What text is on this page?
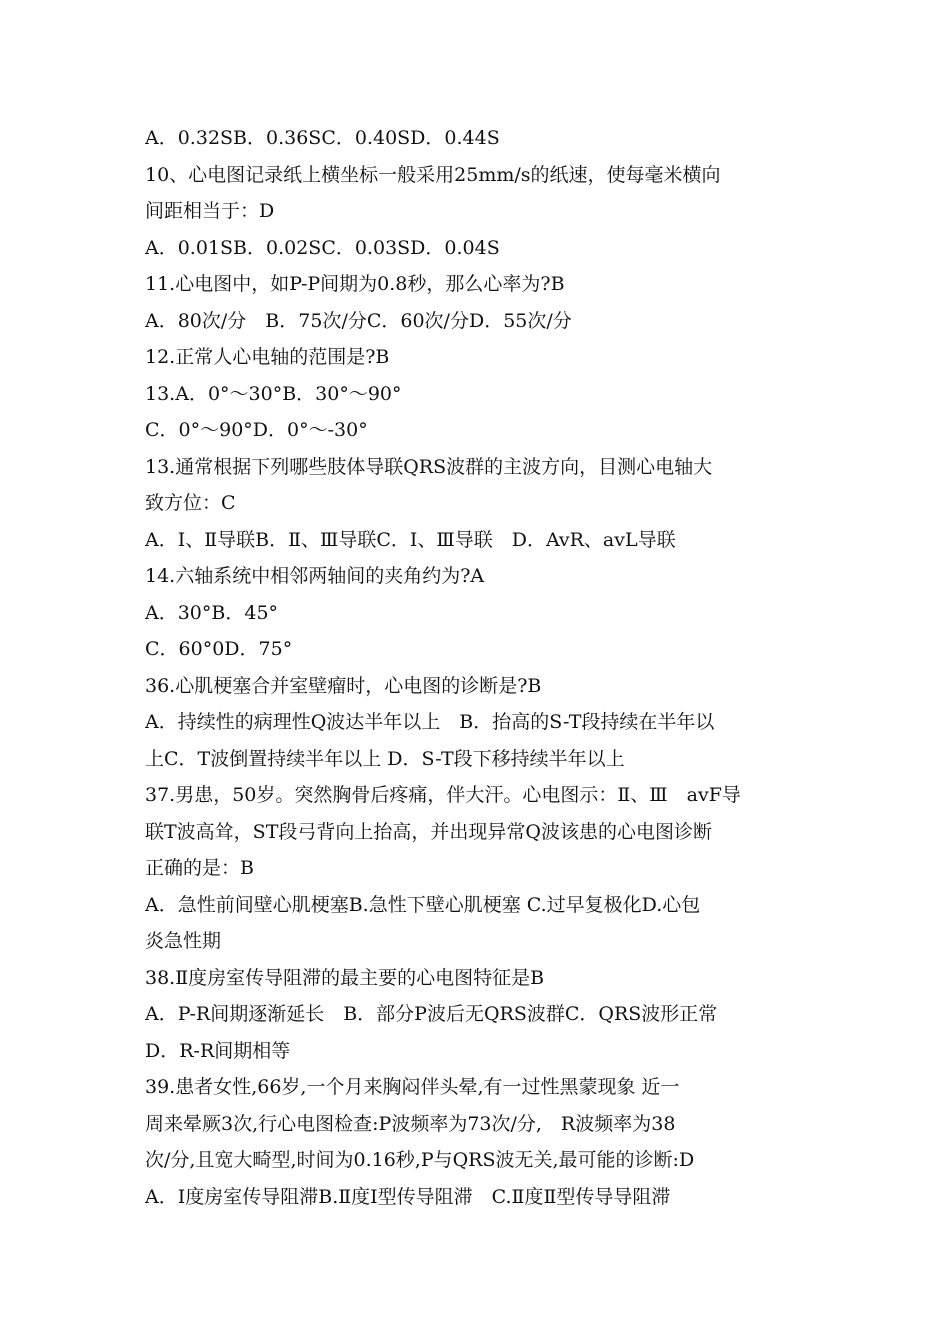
A．0.32SB．0.36SC．0.40SD．0.44S
10、心电图记录纸上横坐标一般采用25mm/s的纸速，使每毫米横向
间距相当于：D
A．0.01SB．0.02SC．0.03SD．0.04S
11.心电图中，如P-P间期为0.8秒，那么心率为?B
A．80次/分　B．75次/分C．60次/分D．55次/分
12.正常人心电轴的范围是?B
13.A．0°～30°B．30°～90°
C．0°～90°D．0°～-30°
13.通常根据下列哪些肢体导联QRS波群的主波方向，目测心电轴大
致方位：C
A．Ⅰ、Ⅱ导联B．Ⅱ、Ⅲ导联C．Ⅰ、Ⅲ导联　D．AvR、avL导联
14.六轴系统中相邻两轴间的夹角约为?A
A．30°B．45°
C．60°0D．75°
36.心肌梗塞合并室壁瘤时，心电图的诊断是?B
A．持续性的病理性Q波达半年以上　B．抬高的S-T段持续在半年以
上C．T波倒置持续半年以上 D．S-T段下移持续半年以上
37.男患，50岁。突然胸骨后疼痛，伴大汗。心电图示：Ⅱ、Ⅲ　avF导
联T波高耸，ST段弓背向上抬高，并出现异常Q波该患的心电图诊断
正确的是：B
A．急性前间壁心肌梗塞B.急性下壁心肌梗塞 C.过早复极化D.心包
炎急性期
38.Ⅱ度房室传导阻滞的最主要的心电图特征是B
A．P-R间期逐渐延长　B．部分P波后无QRS波群C．QRS波形正常
D．R-R间期相等
39.患者女性,66岁,一个月来胸闷伴头晕,有一过性黑蒙现象 近一
周来晕厥3次,行心电图检查:P波频率为73次/分,　R波频率为38
次/分,且宽大畸型,时间为0.16秒,P与QRS波无关,最可能的诊断:D
A．Ⅰ度房室传导阻滞B.Ⅱ度Ⅰ型传导阻滞　C.Ⅱ度Ⅱ型传导导阻滞
